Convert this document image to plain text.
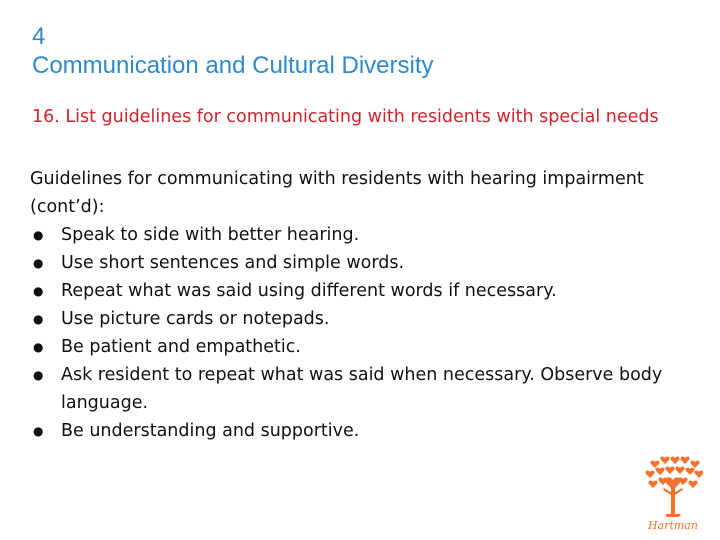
4
Communication and Cultural Diversity
16. List guidelines for communicating with residents with special needs
Guidelines for communicating with residents with hearing impairment (cont’d):
● Speak to side with better hearing.
● Use short sentences and simple words.
● Repeat what was said using different words if necessary.
● Use picture cards or notepads.
● Be patient and empathetic.
● Ask resident to repeat what was said when necessary. Observe body language.
● Be understanding and supportive.
Hartman
